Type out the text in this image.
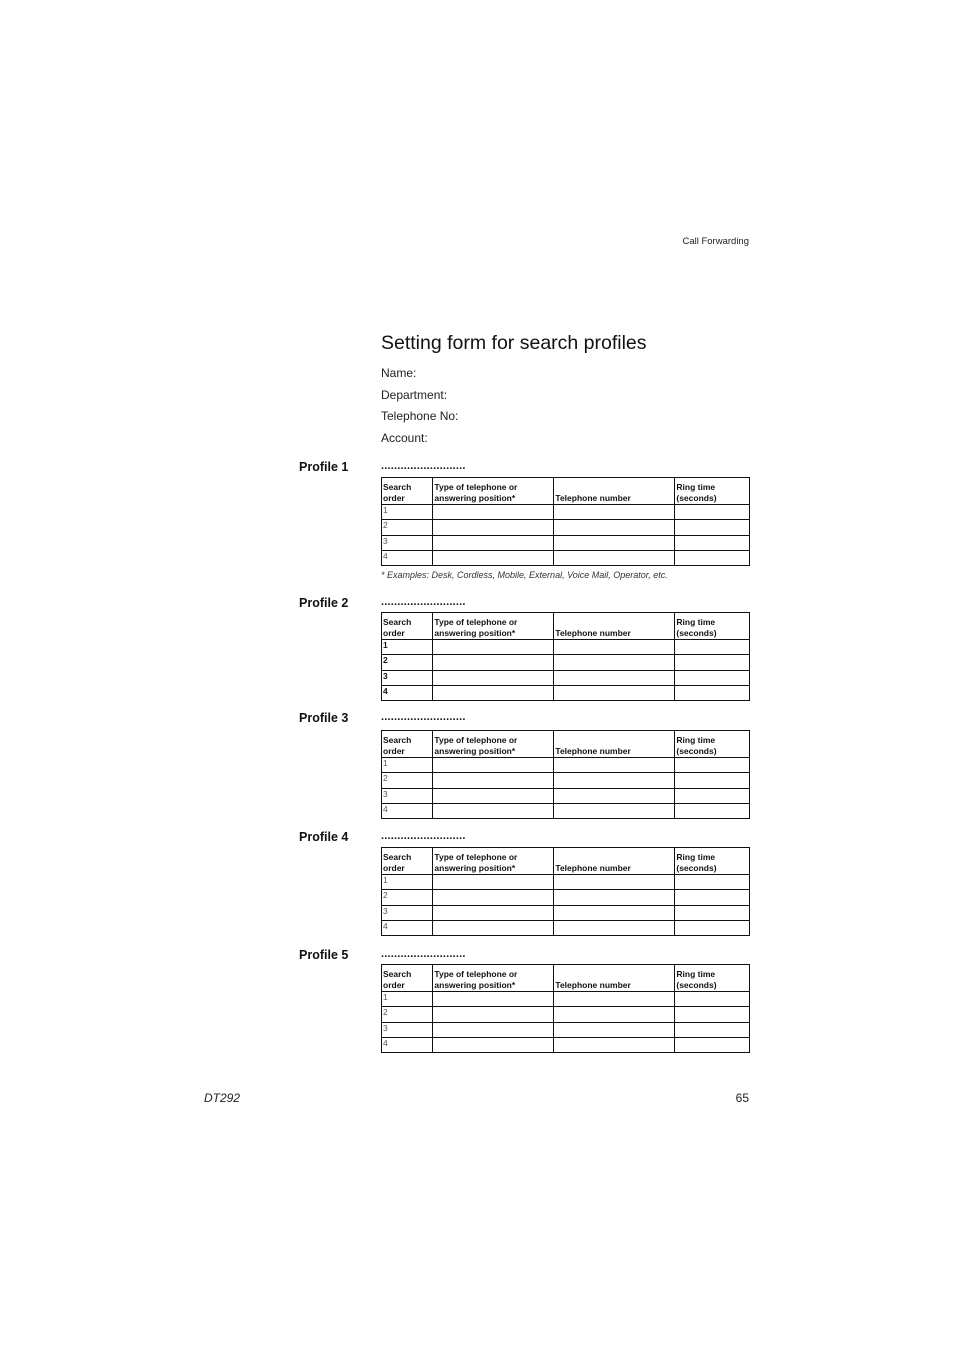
Call Forwarding
Setting form for search profiles
Name:
Department:
Telephone No:
Account:
Profile 1	..........................
Search order	Type of telephone or answering position*	Telephone number	Ring time (seconds)

1			
2			
3			
4			
* Examples: Desk, Cordless, Mobile, External, Voice Mail, Operator, etc.
Profile 2	..........................
Search order	Type of telephone or answering position*	Telephone number	Ring time (seconds)

1			
2			
3			
4			
Profile 3	..........................
Search order	Type of telephone or answering position*	Telephone number	Ring time (seconds)

1			
2			
3			
4			
Profile 4	..........................
Search order	Type of telephone or answering position*	Telephone number	Ring time (seconds)

1			
2			
3			
4			
Profile 5	..........................
Search order	Type of telephone or answering position*	Telephone number	Ring time (seconds)

1			
2			
3			
4			
DT292	65
